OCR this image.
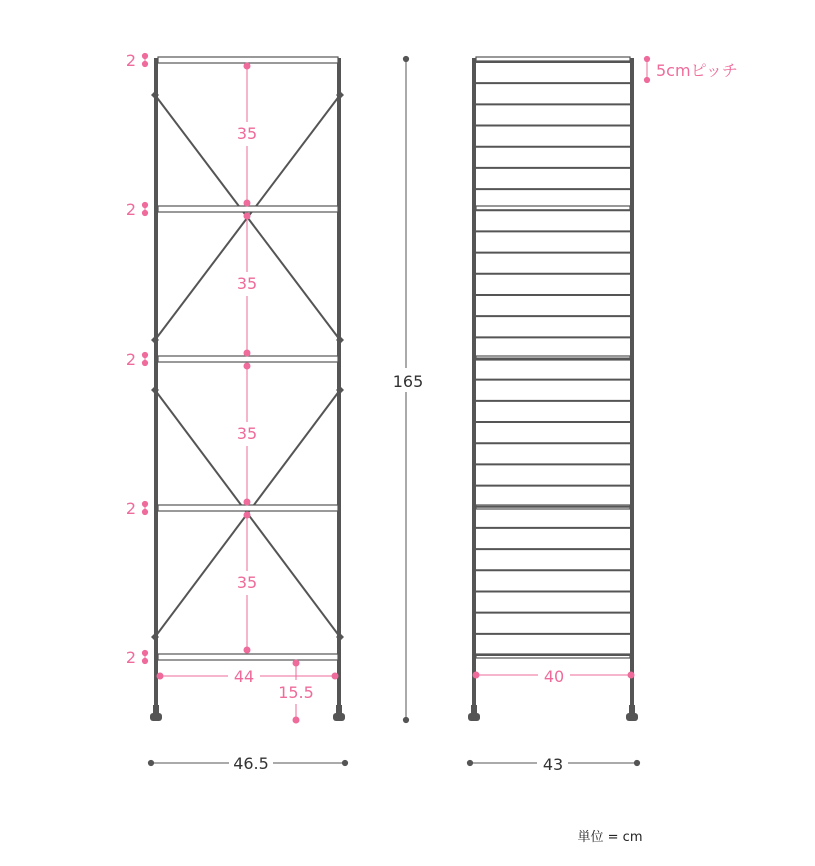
35
35
35
35
2
2
2
2
2
44
15.5
46.5
165
5cmピッチ
40
43
単位 = cm
